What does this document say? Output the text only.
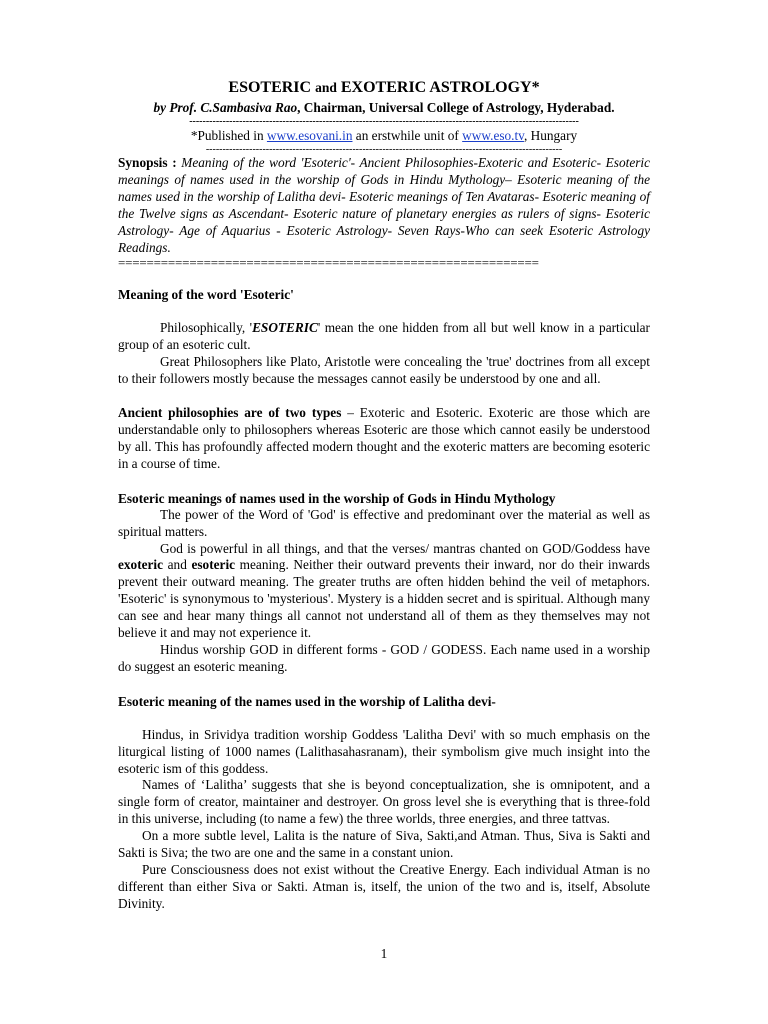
ESOTERIC and EXOTERIC ASTROLOGY*
by Prof. C.Sambasiva Rao, Chairman, Universal College of Astrology, Hyderabad.
---------------------------------------------------------------------------------------------------------------------
*Published in www.esovani.in an erstwhile unit of www.eso.tv, Hungary
-----------------------------------------------------------------------------------------------------------

Synopsis : Meaning of the word 'Esoteric'- Ancient Philosophies-Exoteric and Esoteric- Esoteric meanings of names used in the worship of Gods in Hindu Mythology– Esoteric meaning of the names used in the worship of Lalitha devi- Esoteric meanings of Ten Avataras- Esoteric meaning of the Twelve signs as Ascendant- Esoteric nature of planetary energies as rulers of signs- Esoteric Astrology- Age of Aquarius - Esoteric Astrology- Seven Rays-Who can seek Esoteric Astrology Readings.

===========================================================
Meaning of the word 'Esoteric'

Philosophically, 'ESOTERIC' mean the one hidden from all but well know in a particular group of an esoteric cult.

Great Philosophers like Plato, Aristotle were concealing the 'true' doctrines from all except to their followers mostly because the messages cannot easily be understood by one and all.

Ancient philosophies are of two types – Exoteric and Esoteric. Exoteric are those which are understandable only to philosophers whereas Esoteric are those which cannot easily be understood by all. This has profoundly affected modern thought and the exoteric matters are becoming esoteric in a course of time.

Esoteric meanings of names used in the worship of Gods in Hindu Mythology

The power of the Word of 'God' is effective and predominant over the material as well as spiritual matters.

God is powerful in all things, and that the verses/ mantras chanted on GOD/Goddess have exoteric and esoteric meaning. Neither their outward prevents their inward, nor do their inwards prevent their outward meaning. The greater truths are often hidden behind the veil of metaphors. 'Esoteric' is synonymous to 'mysterious'. Mystery is a hidden secret and is spiritual. Although many can see and hear many things all cannot not understand all of them as they themselves may not believe it and may not experience it.

Hindus worship GOD in different forms - GOD / GODESS. Each name used in a worship do suggest an esoteric meaning.

Esoteric meaning of the names used in the worship of Lalitha devi-

Hindus, in Srividya tradition worship Goddess 'Lalitha Devi' with so much emphasis on the liturgical listing of 1000 names (Lalithasahasranam), their symbolism give much insight into the esoteric ism of this goddess.

Names of ‘Lalitha’ suggests that she is beyond conceptualization, she is omnipotent, and a single form of creator, maintainer and destroyer. On gross level she is everything that is three-fold in this universe, including (to name a few) the three worlds, three energies, and three tattvas.

On a more subtle level, Lalita is the nature of Siva, Sakti,and Atman. Thus, Siva is Sakti and Sakti is Siva; the two are one and the same in a constant union.

Pure Consciousness does not exist without the Creative Energy. Each individual Atman is no different than either Siva or Sakti. Atman is, itself, the union of the two and is, itself, Absolute Divinity.

1
